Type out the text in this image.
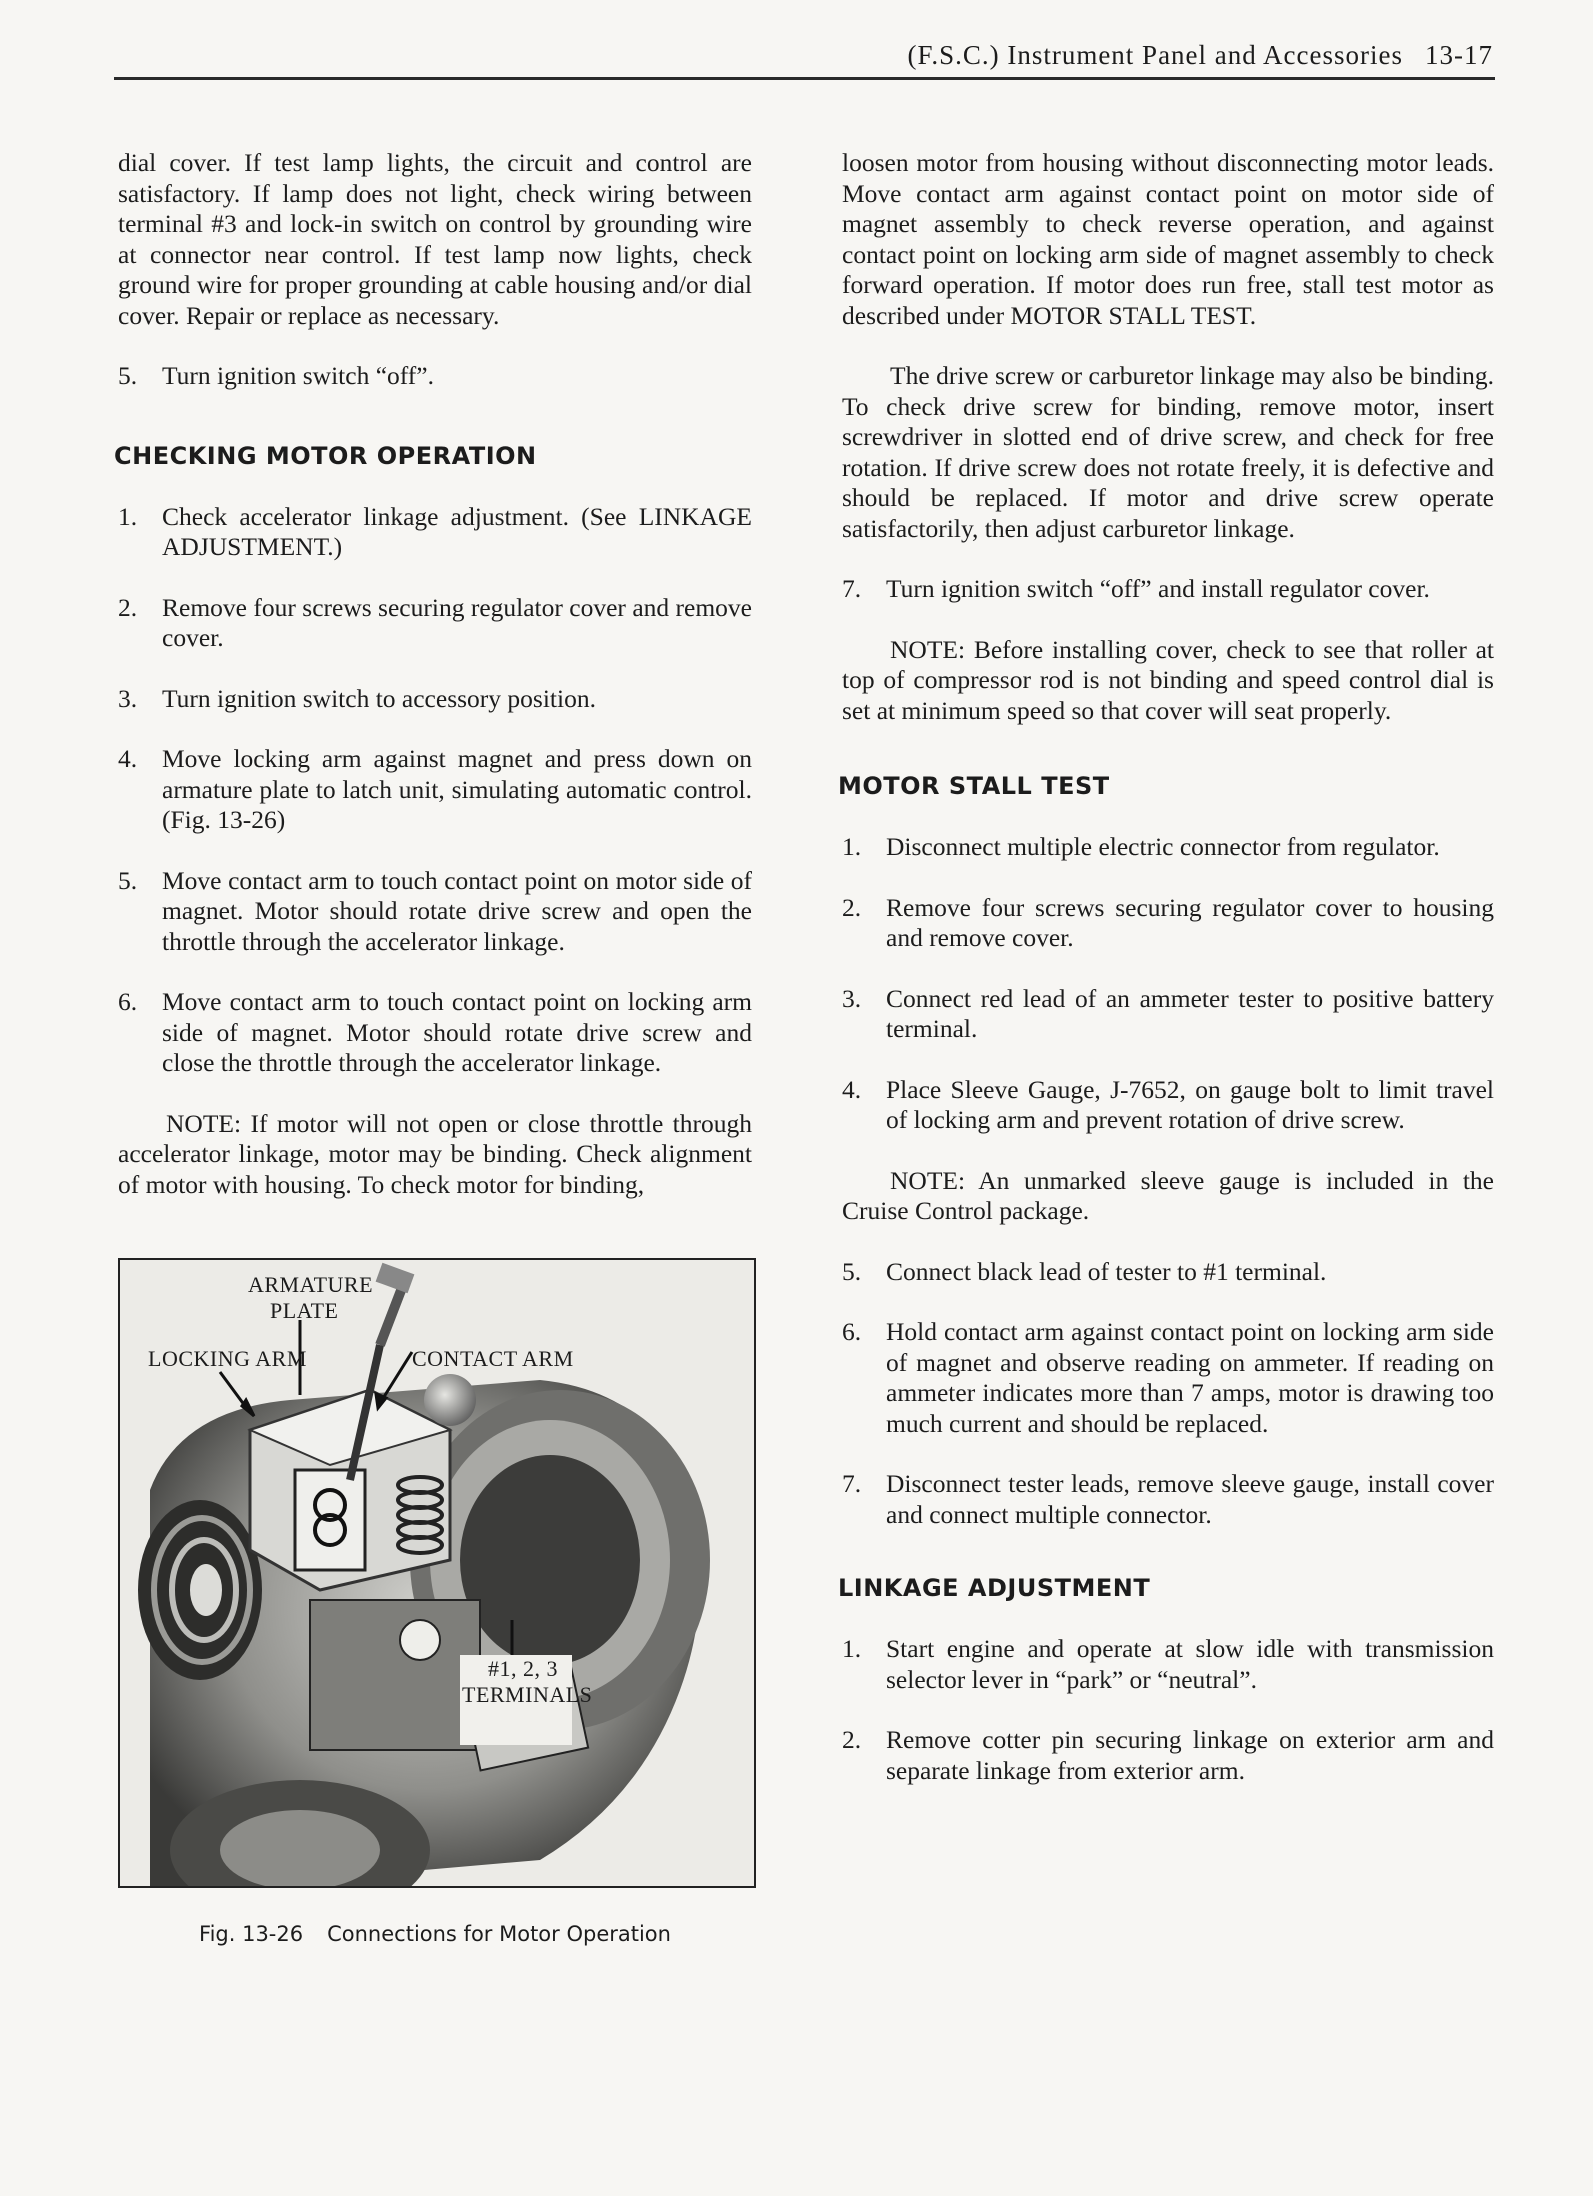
(F.S.C.) Instrument Panel and Accessories 13-17

dial cover. If test lamp lights, the circuit and control are satisfactory. If lamp does not light, check wiring between terminal #3 and lock-in switch on control by grounding wire at connector near control. If test lamp now lights, check ground wire for proper grounding at cable housing and/or dial cover. Repair or replace as necessary.

5. Turn ignition switch “off”.
CHECKING MOTOR OPERATION
1. Check accelerator linkage adjustment. (See LINKAGE ADJUSTMENT.)
2. Remove four screws securing regulator cover and remove cover.
3. Turn ignition switch to accessory position.
4. Move locking arm against magnet and press down on armature plate to latch unit, simulating automatic control. (Fig. 13-26)
5. Move contact arm to touch contact point on motor side of magnet. Motor should rotate drive screw and open the throttle through the accelerator linkage.
6. Move contact arm to touch contact point on locking arm side of magnet. Motor should rotate drive screw and close the throttle through the accelerator linkage.

NOTE: If motor will not open or close throttle through accelerator linkage, motor may be binding. Check alignment of motor with housing. To check motor for binding,

ARMATURE
PLATE
LOCKING ARM	CONTACT ARM
#1, 2, 3
TERMINALS
Fig. 13-26 Connections for Motor Operation

loosen motor from housing without disconnecting motor leads. Move contact arm against contact point on motor side of magnet assembly to check reverse operation, and against contact point on locking arm side of magnet assembly to check forward operation. If motor does run free, stall test motor as described under MOTOR STALL TEST.

The drive screw or carburetor linkage may also be binding. To check drive screw for binding, remove motor, insert screwdriver in slotted end of drive screw, and check for free rotation. If drive screw does not rotate freely, it is defective and should be replaced. If motor and drive screw operate satisfactorily, then adjust carburetor linkage.

7. Turn ignition switch “off” and install regulator cover.

NOTE: Before installing cover, check to see that roller at top of compressor rod is not binding and speed control dial is set at minimum speed so that cover will seat properly.

MOTOR STALL TEST
1. Disconnect multiple electric connector from regulator.
2. Remove four screws securing regulator cover to housing and remove cover.
3. Connect red lead of an ammeter tester to positive battery terminal.
4. Place Sleeve Gauge, J-7652, on gauge bolt to limit travel of locking arm and prevent rotation of drive screw.

NOTE: An unmarked sleeve gauge is included in the Cruise Control package.

5. Connect black lead of tester to #1 terminal.
6. Hold contact arm against contact point on locking arm side of magnet and observe reading on ammeter. If reading on ammeter indicates more than 7 amps, motor is drawing too much current and should be replaced.
7. Disconnect tester leads, remove sleeve gauge, install cover and connect multiple connector.
LINKAGE ADJUSTMENT
1. Start engine and operate at slow idle with transmission selector lever in “park” or “neutral”.
2. Remove cotter pin securing linkage on exterior arm and separate linkage from exterior arm.
